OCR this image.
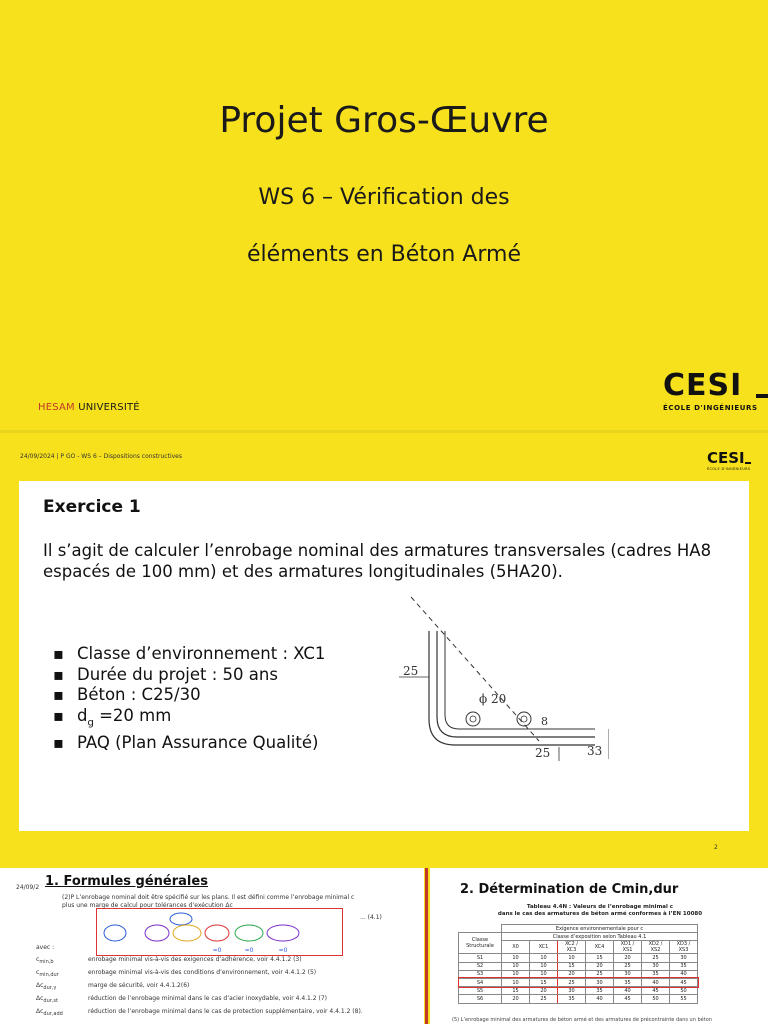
Projet Gros-Œuvre
WS 6 – Vérification des
éléments en Béton Armé
HESAM UNIVERSITÉ
CESI
ÉCOLE D'INGÉNIEURS
24/09/2024 | P GO - WS 6 – Dispositions constructives	CESI
ÉCOLE D'INGÉNIEURS
Exercice 1
Il s’agit de calculer l’enrobage nominal des armatures transversales (cadres HA8 espacés de 100 mm) et des armatures longitudinales (5HA20).
▪ Classe d’environnement : XC1
▪ Durée du projet : 50 ans
▪ Béton : C25/30
▪ $d_g =20$ mm
▪ PAQ (Plan Assurance Qualité)
25
ϕ 20
8
25	33
2
24/09/2 1. Formules générales
(2)P L’enrobage nominal doit être spécifié sur les plans. Il est défini comme l’enrobage minimal c
plus une marge de calcul pour tolérances d’exécution Δc
=0	=0	=0
... (4.1)
avec :
$c_{min,b}$	enrobage minimal vis-à-vis des exigences d’adhérence, voir 4.4.1.2 (3)
$c_{min,dur}$	enrobage minimal vis-à-vis des conditions d’environnement, voir 4.4.1.2 (5)
$\Delta c_{dur,\gamma}$	marge de sécurité, voir 4.4.1.2(6)
$\Delta c_{dur,st}$	réduction de l’enrobage minimal dans le cas d’acier inoxydable, voir 4.4.1.2 (7)
$\Delta c_{dur,add}$	réduction de l’enrobage minimal dans le cas de protection supplémentaire, voir 4.4.1.2 (8).
2. Détermination de Cmin,dur
Tableau 4.4N : Valeurs de l’enrobage minimal c
dans le cas des armatures de béton armé conformes à l’EN 10080
	Exigence environnementale pour c						
Classe Structurale	Classe d’exposition selon Tableau 4.1						
	X0	XC1	XC2 / XC3	XC4	XD1 / XS1	XD2 / XS2	XD3 / XS3
S1	10	10	10	15	20	25	30
S2	10	10	15	20	25	30	35
S3	10	10	20	25	30	35	40
S4	10	15	25	30	35	40	45
S5	15	20	30	35	40	45	50
S6	20	25	35	40	45	50	55
(5) L’enrobage minimal des armatures de béton armé et des armatures de précontrainte dans un béton
